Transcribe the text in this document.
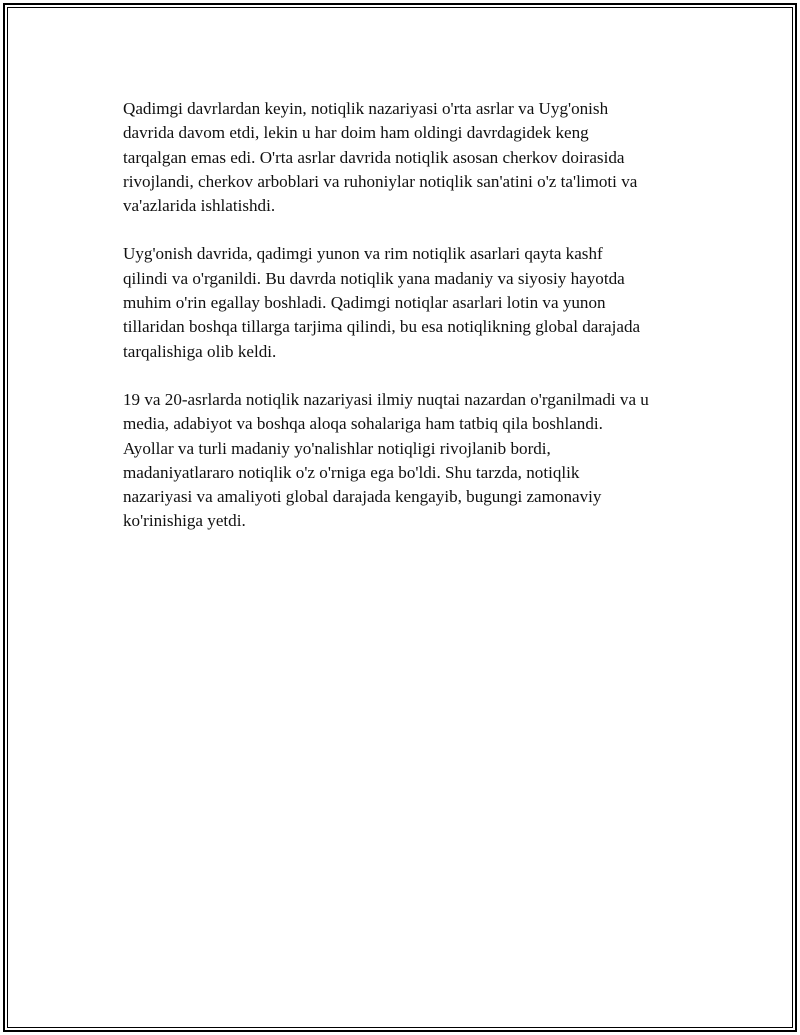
Qadimgi davrlardan keyin, notiqlik nazariyasi o'rta asrlar va Uyg'onish
davrida davom etdi, lekin u har doim ham oldingi davrdagidek keng
tarqalgan emas edi. O'rta asrlar davrida notiqlik asosan cherkov doirasida
rivojlandi, cherkov arboblari va ruhoniylar notiqlik san'atini o'z ta'limoti va
va'azlarida ishlatishdi.

Uyg'onish davrida, qadimgi yunon va rim notiqlik asarlari qayta kashf
qilindi va o'rganildi. Bu davrda notiqlik yana madaniy va siyosiy hayotda
muhim o'rin egallay boshladi. Qadimgi notiqlar asarlari lotin va yunon
tillaridan boshqa tillarga tarjima qilindi, bu esa notiqlikning global darajada
tarqalishiga olib keldi.

19 va 20-asrlarda notiqlik nazariyasi ilmiy nuqtai nazardan o'rganilmadi va u
media, adabiyot va boshqa aloqa sohalariga ham tatbiq qila boshlandi.
Ayollar va turli madaniy yo'nalishlar notiqligi rivojlanib bordi,
madaniyatlararo notiqlik o'z o'rniga ega bo'ldi. Shu tarzda, notiqlik
nazariyasi va amaliyoti global darajada kengayib, bugungi zamonaviy
ko'rinishiga yetdi.
